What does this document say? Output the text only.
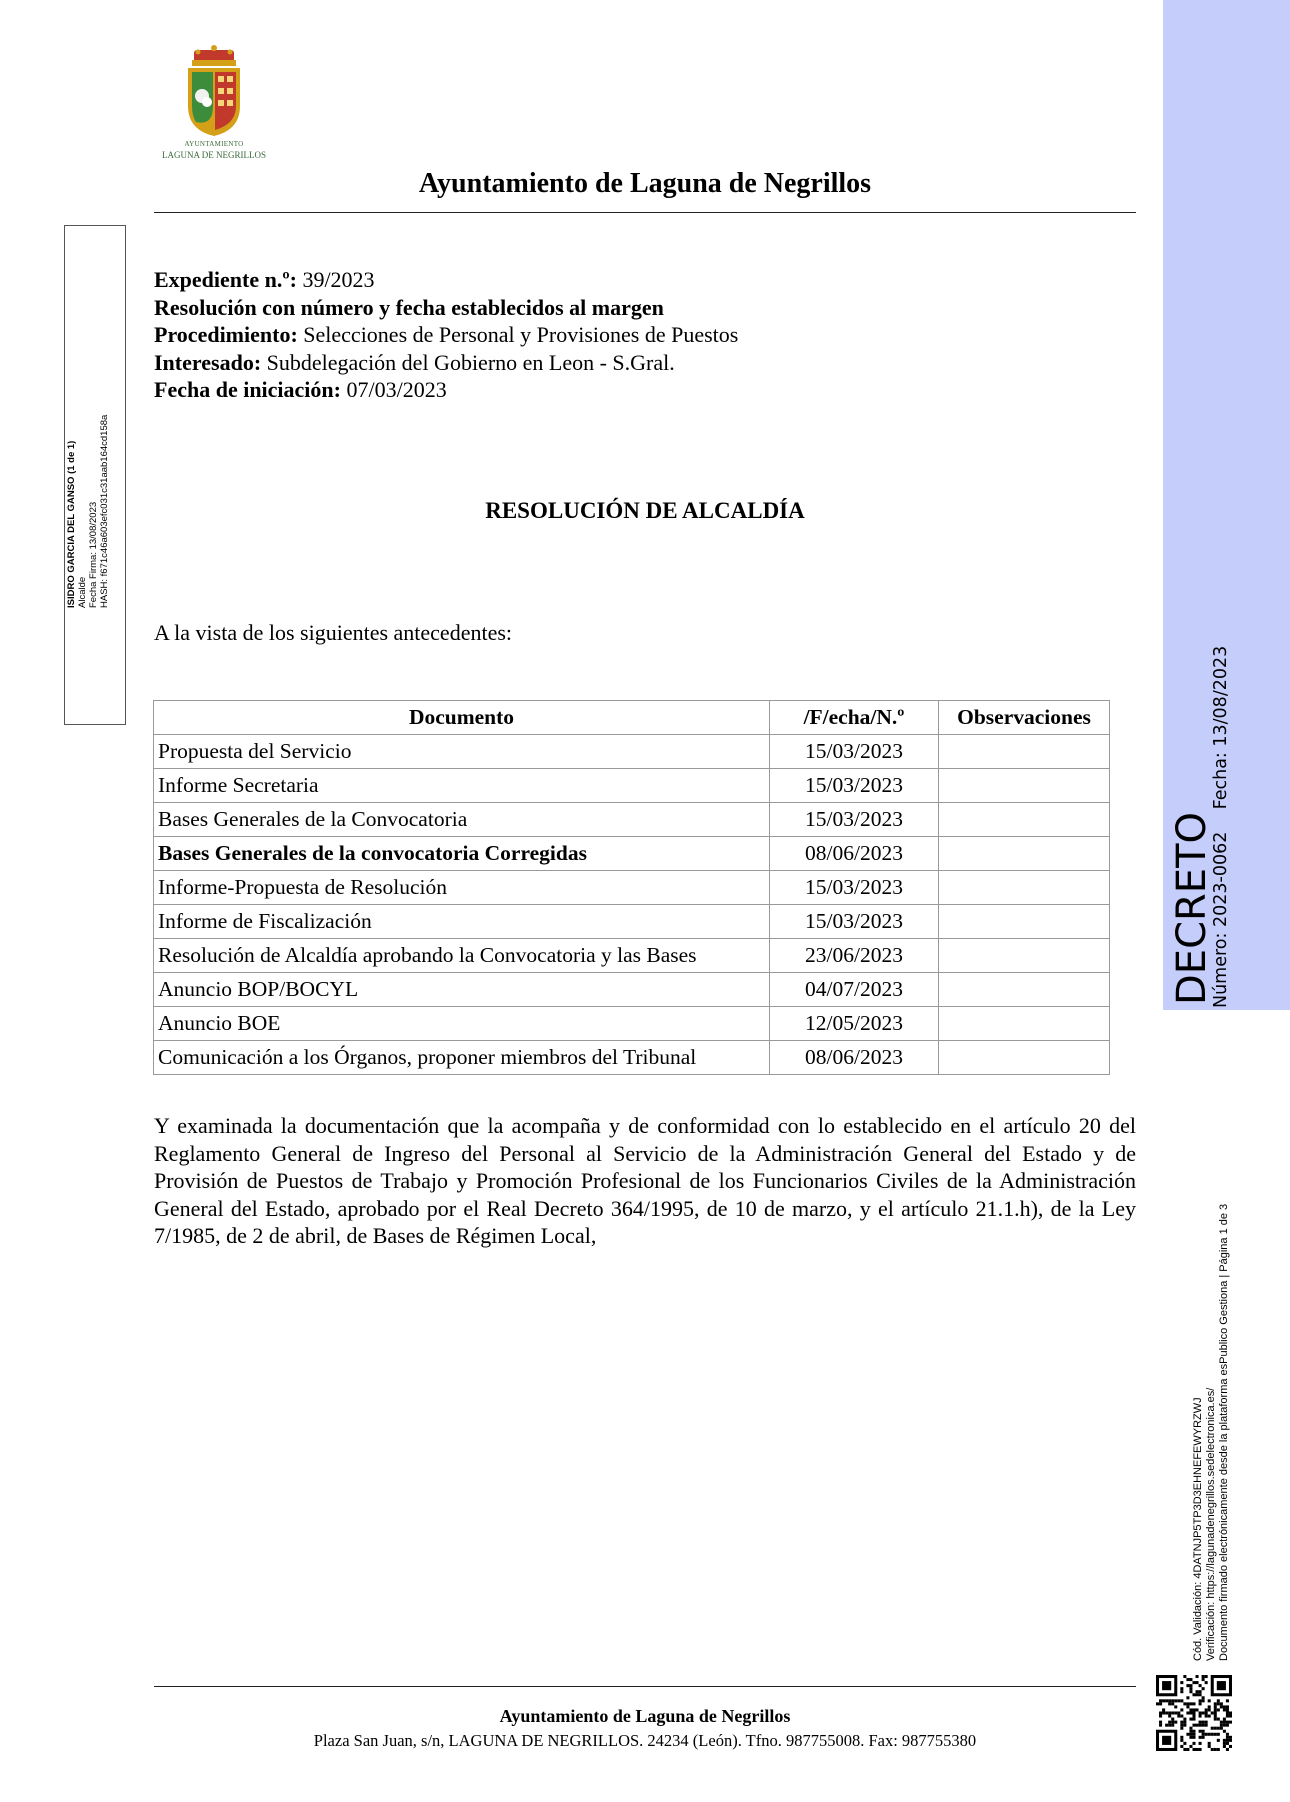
AYUNTAMIENTO
LAGUNA DE NEGRILLOS
Ayuntamiento de Laguna de Negrillos
ISIDRO GARCIA DEL GANSO (1 de 1) Alcalde Fecha Firma: 13/08/2023 HASH: f671c46a603efc031c31aab164cd158a
Expediente n.º: 39/2023
Resolución con número y fecha establecidos al margen
Procedimiento: Selecciones de Personal y Provisiones de Puestos
Interesado: Subdelegación del Gobierno en Leon - S.Gral.
Fecha de iniciación: 07/03/2023
RESOLUCIÓN DE ALCALDÍA
A la vista de los siguientes antecedentes:
Documento	/F/echa/N.º	Observaciones
Propuesta del Servicio	15/03/2023	
Informe Secretaria	15/03/2023	
Bases Generales de la Convocatoria	15/03/2023	
Bases Generales de la convocatoria Corregidas	08/06/2023	
Informe-Propuesta de Resolución	15/03/2023	
Informe de Fiscalización	15/03/2023	
Resolución de Alcaldía aprobando la Convocatoria y las Bases	23/06/2023	
Anuncio BOP/BOCYL	04/07/2023	
Anuncio BOE	12/05/2023	
Comunicación a los Órganos, proponer miembros del Tribunal	08/06/2023	
Y examinada la documentación que la acompaña y de conformidad con lo establecido en el artículo 20 del Reglamento General de Ingreso del Personal al Servicio de la Administración General del Estado y de Provisión de Puestos de Trabajo y Promoción Profesional de los Funcionarios Civiles de la Administración General del Estado, aprobado por el Real Decreto 364/1995, de 10 de marzo, y el artículo 21.1.h), de la Ley 7/1985, de 2 de abril, de Bases de Régimen Local,
Ayuntamiento de Laguna de Negrillos
Plaza San Juan, s/n, LAGUNA DE NEGRILLOS. 24234 (León). Tfno. 987755008. Fax: 987755380
DECRETO
Número: 2023-0062    Fecha: 13/08/2023
Cód. Validación: 4DATNJP5TP3D3EHNEFEWYRZWJ Verificación: https://lagunadenegrillos.sedelectronica.es/ Documento firmado electrónicamente desde la plataforma esPublico Gestiona | Página 1 de 3
